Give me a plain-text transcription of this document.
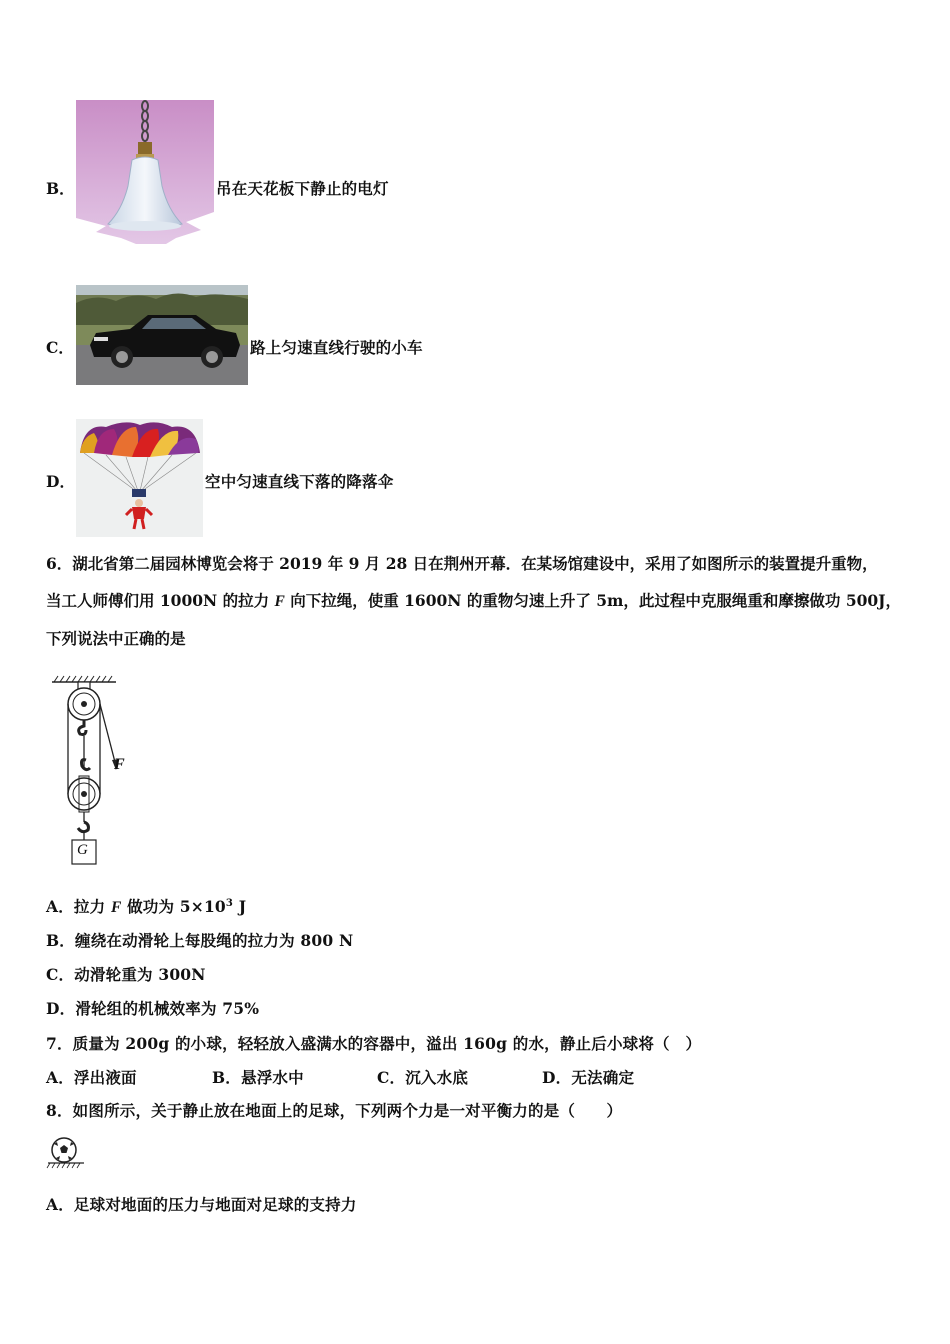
B．	吊在天花板下静止的电灯
C．	路上匀速直线行驶的小车
D．	空中匀速直线下落的降落伞
6．湖北省第二届园林博览会将于 2019 年 9 月 28 日在荆州开幕．在某场馆建设中，采用了如图所示的装置提升重物，
当工人师傅们用 1000N 的拉力 F 向下拉绳，使重 1600N 的重物匀速上升了 5m，此过程中克服绳重和摩擦做功 500J，
下列说法中正确的是
F
G
A．拉力 F 做功为 $5\times 10^3$ J
B．缠绕在动滑轮上每股绳的拉力为 800 N
C．动滑轮重为 300N
D．滑轮组的机械效率为 75%
7．质量为 200g 的小球，轻轻放入盛满水的容器中，溢出 160g 的水，静止后小球将（　）
A．浮出液面	B．悬浮水中	C．沉入水底	D．无法确定
8．如图所示，关于静止放在地面上的足球，下列两个力是一对平衡力的是（　　）
A．足球对地面的压力与地面对足球的支持力
